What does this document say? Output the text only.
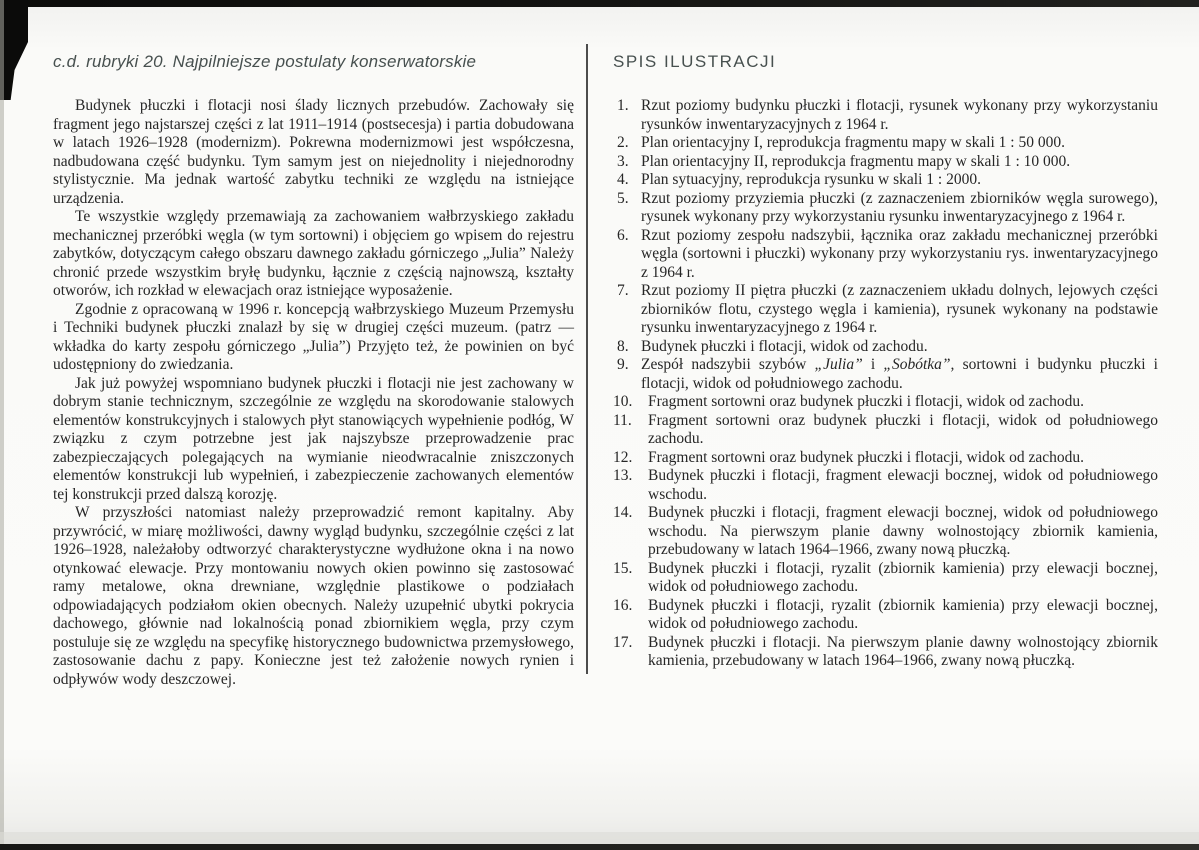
c.d. rubryki 20. Najpilniejsze postulaty konserwatorskie

Budynek płuczki i flotacji nosi ślady licznych przebudów. Zachowały się fragment jego najstarszej części z lat 1911–1914 (postsecesja) i partia dobudowana w latach 1926–1928 (modernizm). Pokrewna modernizmowi jest współczesna, nadbudowana część budynku. Tym samym jest on niejednolity i niejednorodny stylistycznie. Ma jednak wartość zabytku techniki ze względu na istniejące urządzenia.

Te wszystkie względy przemawiają za zachowaniem wałbrzyskiego zakładu mechanicznej przeróbki węgla (w tym sortowni) i objęciem go wpisem do rejestru zabytków, dotyczącym całego obszaru dawnego zakładu górniczego „Julia” Należy chronić przede wszystkim bryłę budynku, łącznie z częścią najnowszą, kształty otworów, ich rozkład w elewacjach oraz istniejące wyposażenie.

Zgodnie z opracowaną w 1996 r. koncepcją wałbrzyskiego Muzeum Przemysłu i Techniki budynek płuczki znalazł by się w drugiej części muzeum. (patrz — wkładka do karty zespołu górniczego „Julia”) Przyjęto też, że powinien on być udostępniony do zwiedzania.

Jak już powyżej wspomniano budynek płuczki i flotacji nie jest zachowany w dobrym stanie technicznym, szczególnie ze względu na skorodowanie stalowych elementów konstrukcyjnych i stalowych płyt stanowiących wypełnienie podłóg, W związku z czym potrzebne jest jak najszybsze przeprowadzenie prac zabezpieczających polegających na wymianie nieodwracalnie zniszczonych elementów konstrukcji lub wypełnień, i zabezpieczenie zachowanych elementów tej konstrukcji przed dalszą korozję.

W przyszłości natomiast należy przeprowadzić remont kapitalny. Aby przywrócić, w miarę możliwości, dawny wygląd budynku, szczególnie części z lat 1926–1928, należałoby odtworzyć charakterystyczne wydłużone okna i na nowo otynkować elewacje. Przy montowaniu nowych okien powinno się zastosować ramy metalowe, okna drewniane, względnie plastikowe o podziałach odpowiadających podziałom okien obecnych. Należy uzupełnić ubytki pokrycia dachowego, głównie nad lokalnością ponad zbiornikiem węgla, przy czym postuluje się ze względu na specyfikę historycznego budownictwa przemysłowego, zastosowanie dachu z papy. Konieczne jest też założenie nowych rynien i odpływów wody deszczowej.

SPIS ILUSTRACJI
1. Rzut poziomy budynku płuczki i flotacji, rysunek wykonany przy wykorzystaniu rysunków inwentaryzacyjnych z 1964 r.
2. Plan orientacyjny I, reprodukcja fragmentu mapy w skali 1 : 50 000.
3. Plan orientacyjny II, reprodukcja fragmentu mapy w skali 1 : 10 000.
4. Plan sytuacyjny, reprodukcja rysunku w skali 1 : 2000.
5. Rzut poziomy przyziemia płuczki (z zaznaczeniem zbiorników węgla surowego), rysunek wykonany przy wykorzystaniu rysunku inwentaryzacyjnego z 1964 r.
6. Rzut poziomy zespołu nadszybii, łącznika oraz zakładu mechanicznej przeróbki węgla (sortowni i płuczki) wykonany przy wykorzystaniu rys. inwentaryzacyjnego z 1964 r.
7. Rzut poziomy II piętra płuczki (z zaznaczeniem układu dolnych, lejowych części zbiorników flotu, czystego węgla i kamienia), rysunek wykonany na podstawie rysunku inwentaryzacyjnego z 1964 r.
8. Budynek płuczki i flotacji, widok od zachodu.
9. Zespół nadszybii szybów „Julia” i „Sobótka”, sortowni i budynku płuczki i flotacji, widok od południowego zachodu.
10. Fragment sortowni oraz budynek płuczki i flotacji, widok od zachodu.
11. Fragment sortowni oraz budynek płuczki i flotacji, widok od południowego zachodu.
12. Fragment sortowni oraz budynek płuczki i flotacji, widok od zachodu.
13. Budynek płuczki i flotacji, fragment elewacji bocznej, widok od południowego wschodu.
14. Budynek płuczki i flotacji, fragment elewacji bocznej, widok od południowego wschodu. Na pierwszym planie dawny wolnostojący zbiornik kamienia, przebudowany w latach 1964–1966, zwany nową płuczką.
15. Budynek płuczki i flotacji, ryzalit (zbiornik kamienia) przy elewacji bocznej, widok od południowego zachodu.
16. Budynek płuczki i flotacji, ryzalit (zbiornik kamienia) przy elewacji bocznej, widok od południowego zachodu.
17. Budynek płuczki i flotacji. Na pierwszym planie dawny wolnostojący zbiornik kamienia, przebudowany w latach 1964–1966, zwany nową płuczką.
